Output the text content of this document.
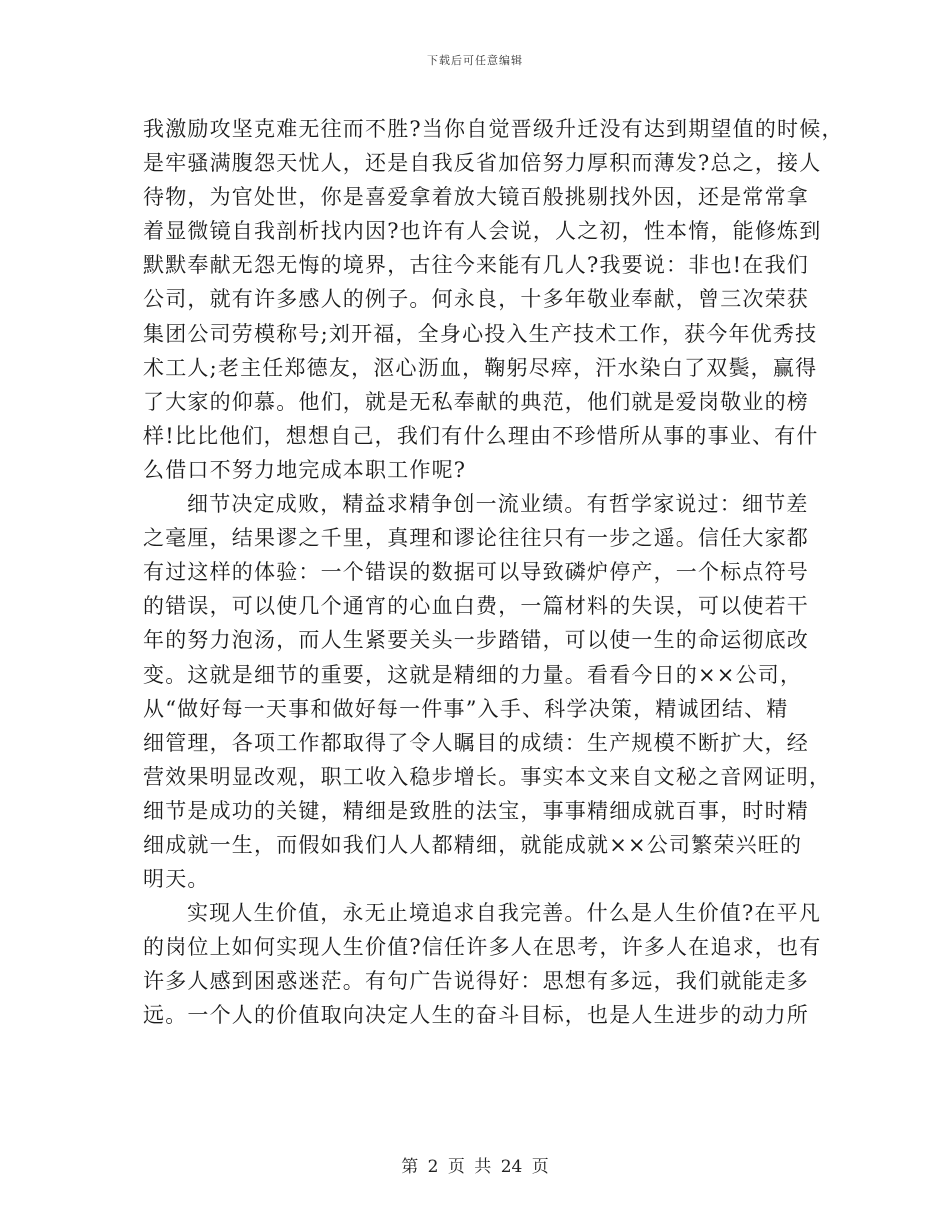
下载后可任意编辑
我激励攻坚克难无往而不胜?当你自觉晋级升迁没有达到期望值的时候，
是牢骚满腹怨天忧人，还是自我反省加倍努力厚积而薄发?总之，接人
待物，为官处世，你是喜爱拿着放大镜百般挑剔找外因，还是常常拿
着显微镜自我剖析找内因?也许有人会说，人之初，性本惰，能修炼到
默默奉献无怨无悔的境界，古往今来能有几人?我要说：非也!在我们
公司，就有许多感人的例子。何永良，十多年敬业奉献，曾三次荣获
集团公司劳模称号;刘开福，全身心投入生产技术工作，获今年优秀技
术工人;老主任郑德友，沤心沥血，鞠躬尽瘁，汗水染白了双鬓，赢得
了大家的仰慕。他们，就是无私奉献的典范，他们就是爱岗敬业的榜
样!比比他们，想想自己，我们有什么理由不珍惜所从事的事业、有什
么借口不努力地完成本职工作呢?
细节决定成败，精益求精争创一流业绩。有哲学家说过：细节差
之毫厘，结果谬之千里，真理和谬论往往只有一步之遥。信任大家都
有过这样的体验：一个错误的数据可以导致磷炉停产，一个标点符号
的错误，可以使几个通宵的心血白费，一篇材料的失误，可以使若干
年的努力泡汤，而人生紧要关头一步踏错，可以使一生的命运彻底改
变。这就是细节的重要，这就是精细的力量。看看今日的××公司，
从“做好每一天事和做好每一件事”入手、科学决策，精诚团结、精
细管理，各项工作都取得了令人瞩目的成绩：生产规模不断扩大，经
营效果明显改观，职工收入稳步增长。事实本文来自文秘之音网证明，
细节是成功的关键，精细是致胜的法宝，事事精细成就百事，时时精
细成就一生，而假如我们人人都精细，就能成就××公司繁荣兴旺的
明天。
实现人生价值，永无止境追求自我完善。什么是人生价值?在平凡
的岗位上如何实现人生价值?信任许多人在思考，许多人在追求，也有
许多人感到困惑迷茫。有句广告说得好：思想有多远，我们就能走多
远。一个人的价值取向决定人生的奋斗目标，也是人生进步的动力所
第 2 页 共 24 页
